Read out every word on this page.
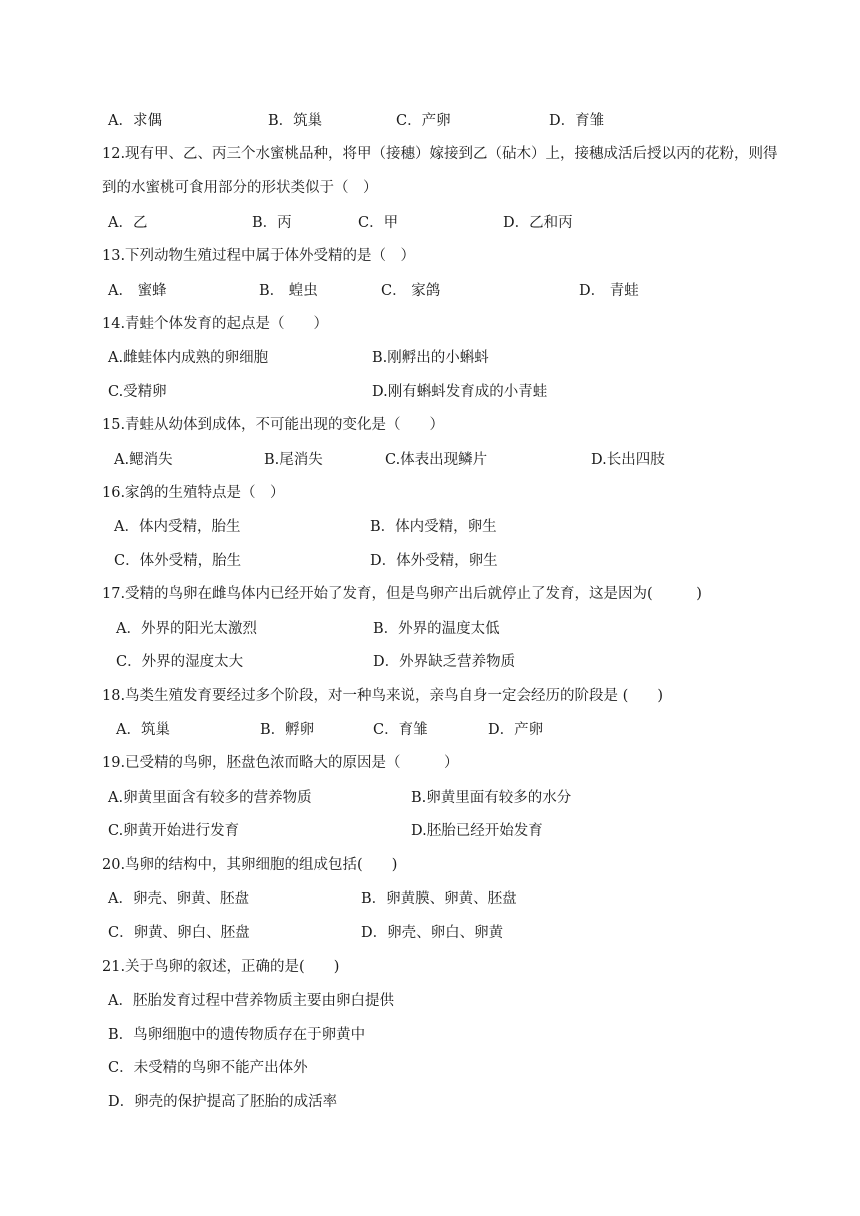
A．求偶	B．筑巢	C．产卵	D．育雏
12.现有甲、乙、丙三个水蜜桃品种，将甲（接穗）嫁接到乙（砧木）上，接穗成活后授以丙的花粉，则得
到的水蜜桃可食用部分的形状类似于（　）
A．乙	B．丙	C．甲	D．乙和丙
13.下列动物生殖过程中属于体外受精的是（　）
A． 蜜蜂	B． 蝗虫	C． 家鸽	D． 青蛙
14.青蛙个体发育的起点是（　　）
A.雌蛙体内成熟的卵细胞	B.刚孵出的小蝌蚪
C.受精卵	D.刚有蝌蚪发育成的小青蛙
15.青蛙从幼体到成体，不可能出现的变化是（　　）
A.鳃消失	B.尾消失	C.体表出现鳞片	D.长出四肢
16.家鸽的生殖特点是（　）
A．体内受精，胎生	B．体内受精，卵生
C．体外受精，胎生	D．体外受精，卵生
17.受精的鸟卵在雌鸟体内已经开始了发育，但是鸟卵产出后就停止了发育，这是因为(　　　)
A．外界的阳光太激烈	B．外界的温度太低
C．外界的湿度太大	D．外界缺乏营养物质
18.鸟类生殖发育要经过多个阶段，对一种鸟来说，亲鸟自身一定会经历的阶段是 (　　)
A．筑巢	B．孵卵	C．育雏	D．产卵
19.已受精的鸟卵，胚盘色浓而略大的原因是（　　　）
A.卵黄里面含有较多的营养物质	B.卵黄里面有较多的水分
C.卵黄开始进行发育	D.胚胎已经开始发育
20.鸟卵的结构中，其卵细胞的组成包括(　　)
A．卵壳、卵黄、胚盘	B．卵黄膜、卵黄、胚盘
C．卵黄、卵白、胚盘	D．卵壳、卵白、卵黄
21.关于鸟卵的叙述，正确的是(　　)
A．胚胎发育过程中营养物质主要由卵白提供
B．鸟卵细胞中的遗传物质存在于卵黄中
C．未受精的鸟卵不能产出体外
D．卵壳的保护提高了胚胎的成活率
